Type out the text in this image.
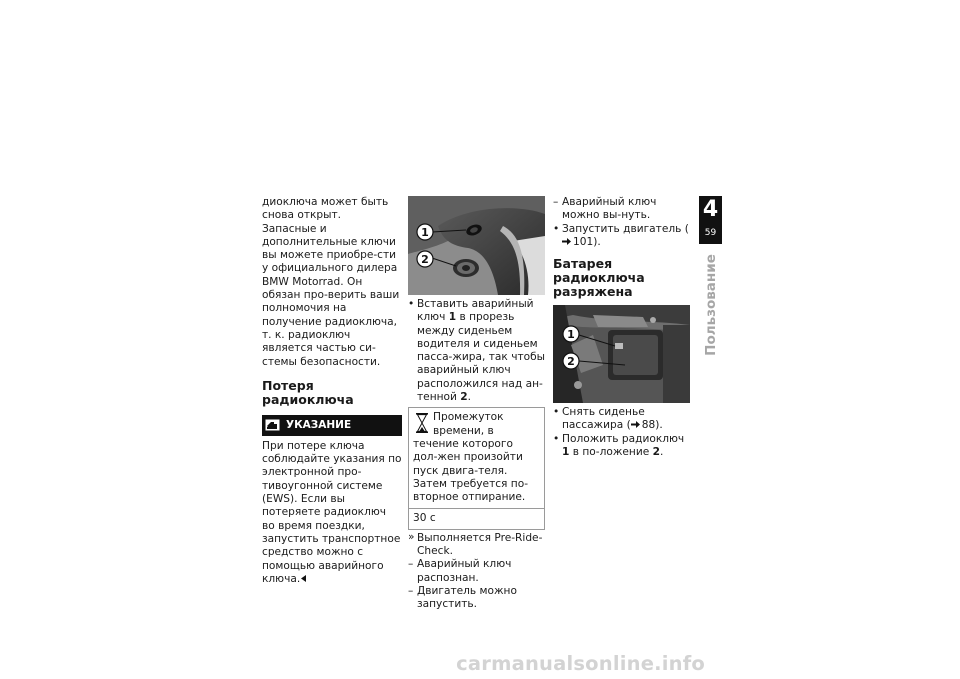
диоключа может быть снова открыт.

Запасные и дополнительные ключи вы можете приобре-сти у официального дилера BMW Motorrad. Он обязан про-верить ваши полномочия на получение радиоключа, т. к. радиоключ является частью си-стемы безопасности.

Потеря радиоключа
УКАЗАНИЕ

При потере ключа соблюдайте указания по электронной про-тивоугонной системе (EWS). Если вы потеряете радиоключ во время поездки, запустить транспортное средство можно с помощью аварийного ключа.

1
2
• Вставить аварийный ключ 1 в прорезь между сиденьем водителя и сиденьем пасса-жира, так чтобы аварийный ключ расположился над ан-тенной 2.
Промежуток времени, в течение которого дол-жен произойти пуск двига-теля. Затем требуется по-вторное отпирание.
30 с
» Выполняется Pre-Ride-Check.
– Аварийный ключ распознан.
– Двигатель можно запустить.
– Аварийный ключ можно вы-нуть.
• Запустить двигатель (101).
Батарея радиоключа разряжена
1
2
• Снять сиденье пассажира ( 88).
• Положить радиоключ 1 в по-ложение 2.
4
59
Пользование
carmanualsonline.info
